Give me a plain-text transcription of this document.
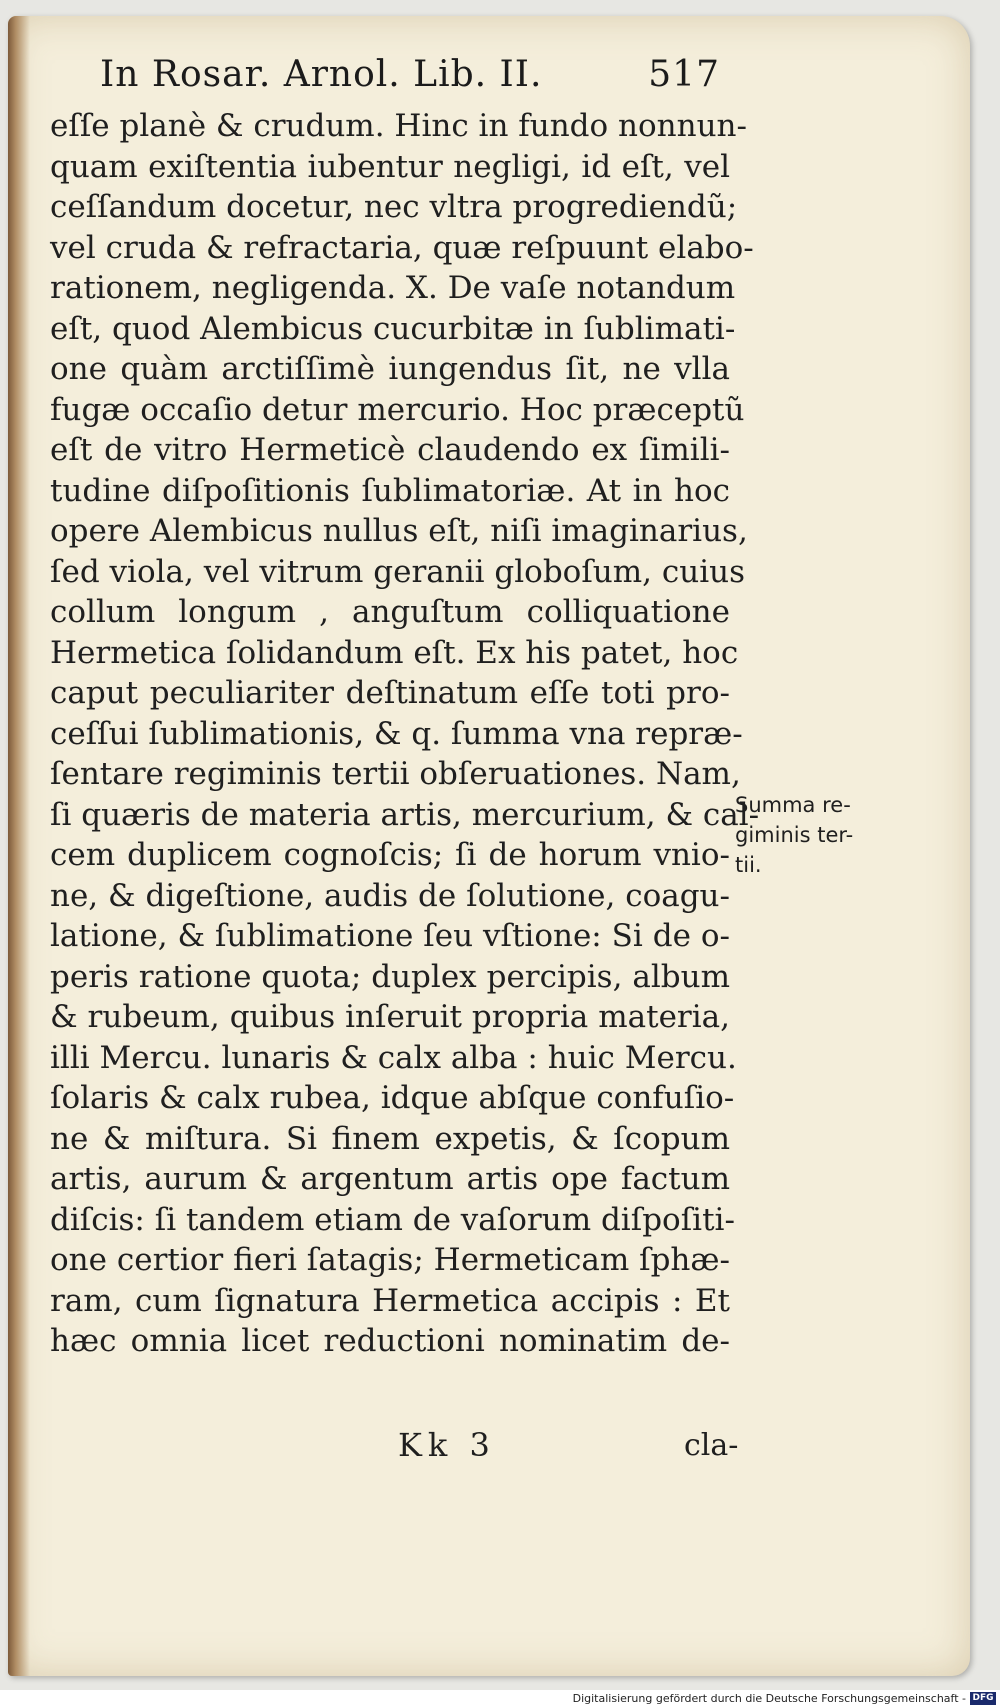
In Rosar. Arnol. Lib. II.	517
eſſe planè & crudum. Hinc in fundo nonnun-
quam exiſtentia iubentur negligi, id eſt, vel
ceſſandum docetur, nec vltra progrediendũ;
vel cruda & refractaria, quæ reſpuunt elabo-
rationem, negligenda. X. De vaſe notandum
eſt, quod Alembicus cucurbitæ in ſublimati-
one quàm arctiſſimè iungendus ſit, ne vlla
fugæ occaſio detur mercurio. Hoc præceptũ
eſt de vitro Hermeticè claudendo ex ſimili-
tudine diſpoſitionis ſublimatoriæ. At in hoc
opere Alembicus nullus eſt, niſi imaginarius,
ſed viola, vel vitrum geranii globoſum, cuius
collum longum , anguſtum colliquatione
Hermetica ſolidandum eſt. Ex his patet, hoc
caput peculiariter deſtinatum eſſe toti pro-
ceſſui ſublimationis, & q. ſumma vna repræ-
ſentare regiminis tertii obſeruationes. Nam,
ſi quæris de materia artis, mercurium, & cal-
cem duplicem cognoſcis; ſi de horum vnio-
ne, & digeſtione, audis de ſolutione, coagu-
latione, & ſublimatione ſeu vſtione: Si de o-
peris ratione quota; duplex percipis, album
& rubeum, quibus inſeruit propria materia,
illi Mercu. lunaris & calx alba : huic Mercu.
ſolaris & calx rubea, idque abſque confuſio-
ne & miſtura. Si finem expetis, & ſcopum
artis, aurum & argentum artis ope factum
diſcis: ſi tandem etiam de vaſorum diſpoſiti-
one certior fieri ſatagis; Hermeticam ſphæ-
ram, cum ſignatura Hermetica accipis : Et
hæc omnia licet reductioni nominatim de-
Summa re-
giminis ter-
tii.
Kk 3	cla-
Digitalisierung gefördert durch die Deutsche Forschungsgemeinschaft - DFG
